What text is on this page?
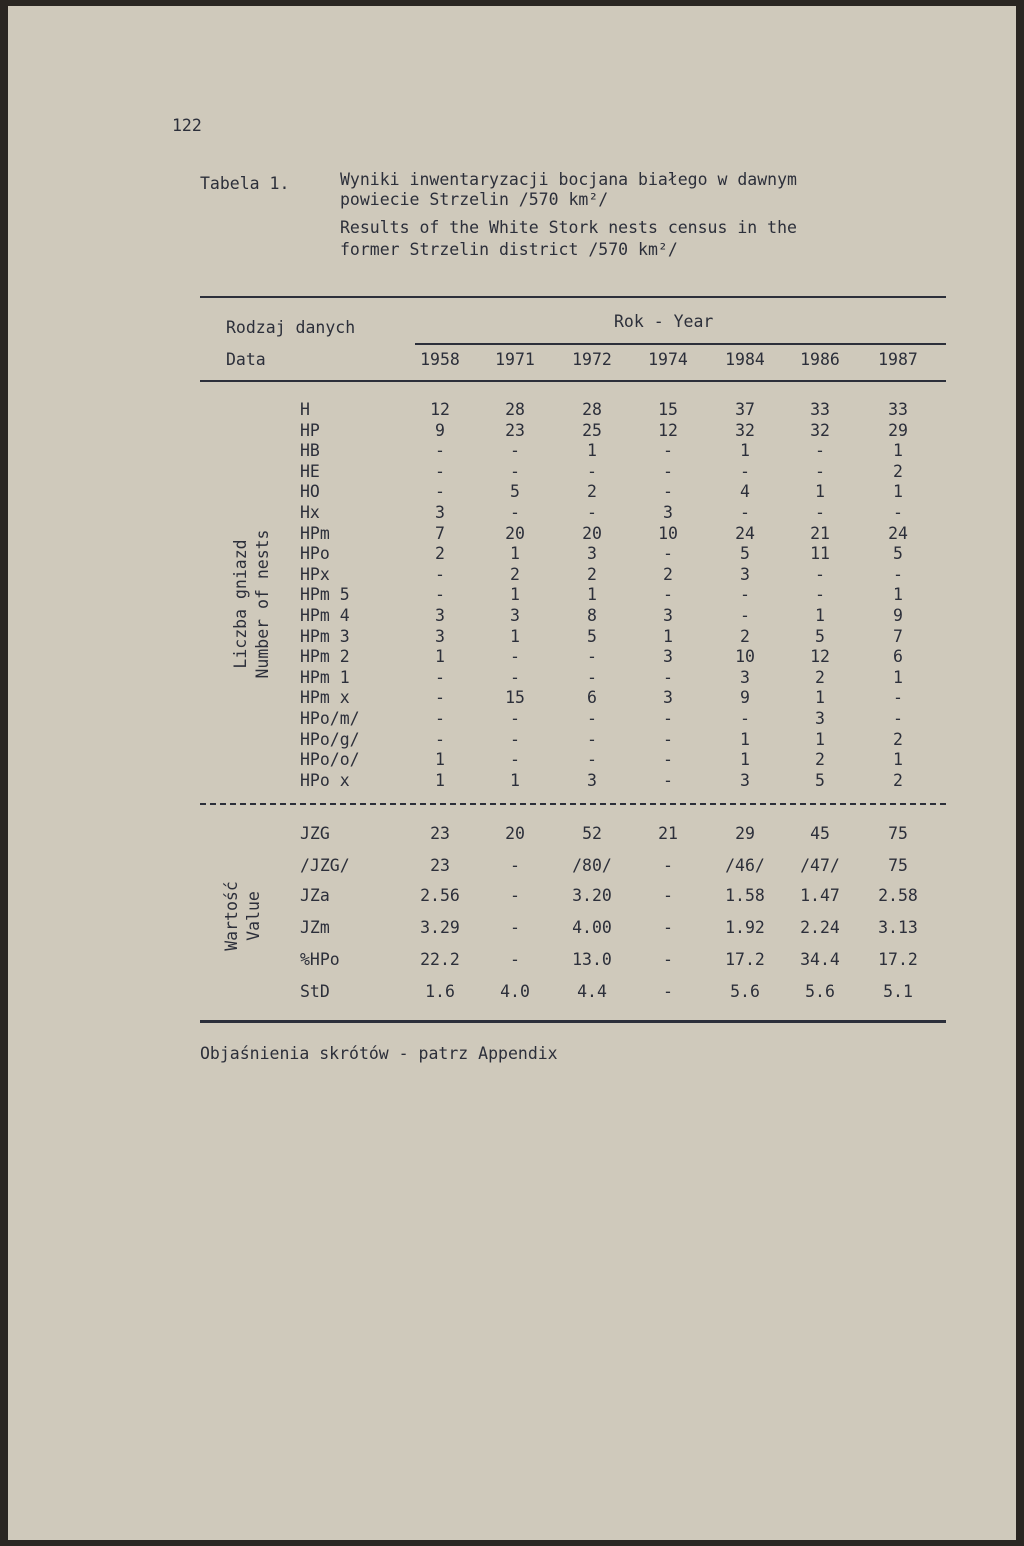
122
Tabela 1.	Wyniki inwentaryzacji bocjana białego w dawnym
powiecie Strzelin /570 km²/
Results of the White Stork nests census in the
former Strzelin district /570 km²/
Rodzaj danych
Data
Rok - Year
1958	1971	1972	1974	1984	1986	1987
Liczba gniazd Number of nests
H	12	28	28	15	37	33	33
HP	9	23	25	12	32	32	29
HB	-	-	1	-	1	-	1
HE	-	-	-	-	-	-	2
HO	-	5	2	-	4	1	1
Hx	3	-	-	3	-	-	-
HPm	7	20	20	10	24	21	24
HPo	2	1	3	-	5	11	5
HPx	-	2	2	2	3	-	-
HPm 5	-	1	1	-	-	-	1
HPm 4	3	3	8	3	-	1	9
HPm 3	3	1	5	1	2	5	7
HPm 2	1	-	-	3	10	12	6
HPm 1	-	-	-	-	3	2	1
HPm x	-	15	6	3	9	1	-
HPo/m/	-	-	-	-	-	3	-
HPo/g/	-	-	-	-	1	1	2
HPo/o/	1	-	-	-	1	2	1
HPo x	1	1	3	-	3	5	2
Wartość Value
JZG	23	20	52	21	29	45	75
/JZG/	23	-	/80/	-	/46/	/47/	75
JZa	2.56	-	3.20	-	1.58	1.47	2.58
JZm	3.29	-	4.00	-	1.92	2.24	3.13
%HPo	22.2	-	13.0	-	17.2	34.4	17.2
StD	1.6	4.0	4.4	-	5.6	5.6	5.1
Objaśnienia skrótów - patrz Appendix
